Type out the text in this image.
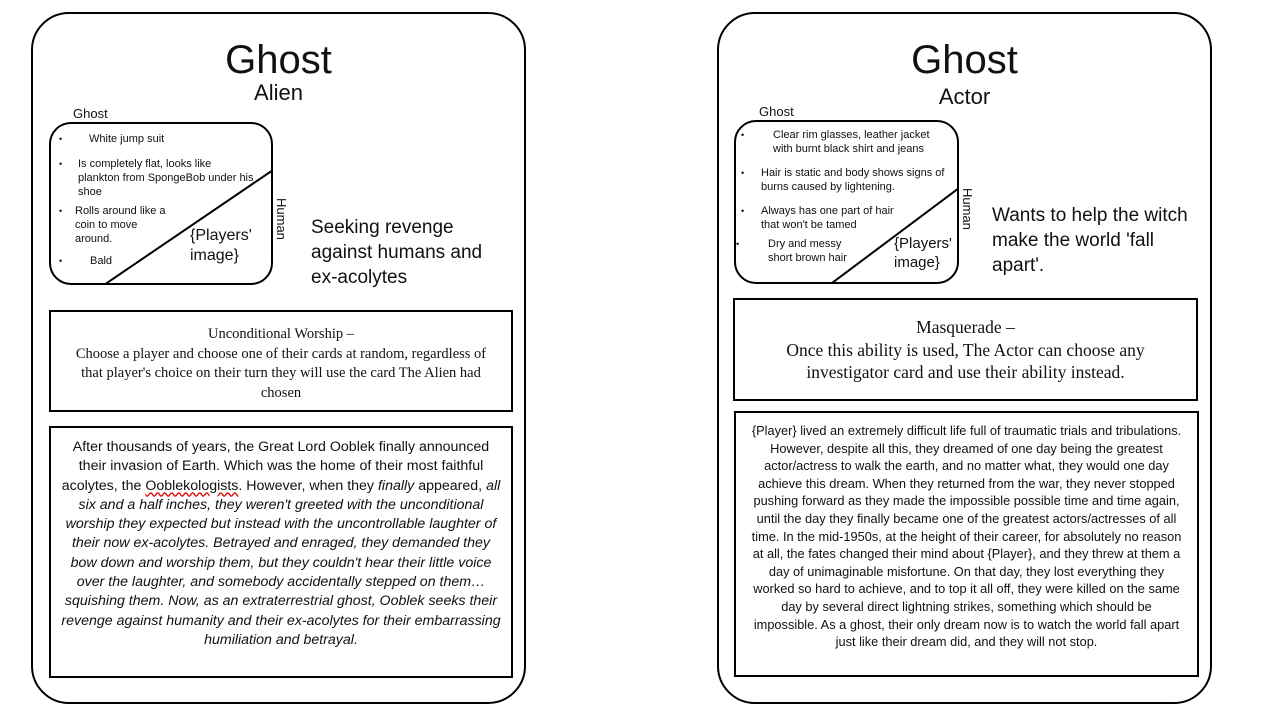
Ghost
Alien
Ghost
Human
•	White jump suit
•	Is completely flat, looks like plankton from SpongeBob under his shoe
•	Rolls around like a coin to move around.
•	Bald
{Players' image}
Seeking revenge against humans and ex-acolytes
Unconditional Worship –
Choose a player and choose one of their cards at random, regardless of that player's choice on their turn they will use the card The Alien had chosen
After thousands of years, the Great Lord Ooblek finally announced their invasion of Earth. Which was the home of their most faithful acolytes, the Ooblekologists. However, when they finally appeared, all six and a half inches, they weren't greeted with the unconditional worship they expected but instead with the uncontrollable laughter of their now ex-acolytes. Betrayed and enraged, they demanded they bow down and worship them, but they couldn't hear their little voice over the laughter, and somebody accidentally stepped on them… squishing them. Now, as an extraterrestrial ghost, Ooblek seeks their revenge against humanity and their ex-acolytes for their embarrassing humiliation and betrayal.
Ghost
Actor
Ghost
Human
•	Clear rim glasses, leather jacket with burnt black shirt and jeans
•	Hair is static and body shows signs of burns caused by lightening.
•	Always has one part of hair that won't be tamed
•	Dry and messy short brown hair
{Players' image}
Wants to help the witch make the world 'fall apart'.
Masquerade –
Once this ability is used, The Actor can choose any investigator card and use their ability instead.
{Player} lived an extremely difficult life full of traumatic trials and tribulations. However, despite all this, they dreamed of one day being the greatest actor/actress to walk the earth, and no matter what, they would one day achieve this dream. When they returned from the war, they never stopped pushing forward as they made the impossible possible time and time again, until the day they finally became one of the greatest actors/actresses of all time. In the mid-1950s, at the height of their career, for absolutely no reason at all, the fates changed their mind about {Player}, and they threw at them a day of unimaginable misfortune. On that day, they lost everything they worked so hard to achieve, and to top it all off, they were killed on the same day by several direct lightning strikes, something which should be impossible. As a ghost, their only dream now is to watch the world fall apart just like their dream did, and they will not stop.
